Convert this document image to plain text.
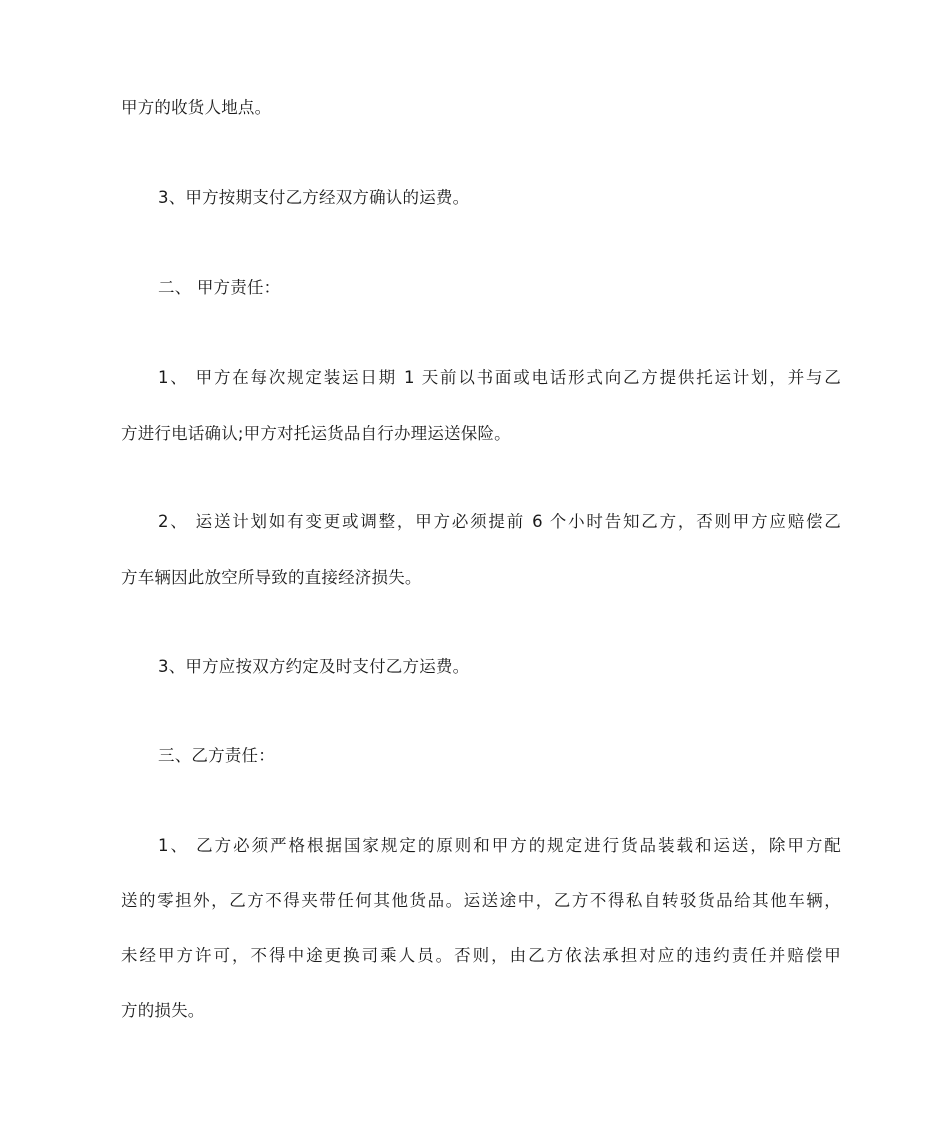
甲方的收货人地点。
3、甲方按期支付乙方经双方确认的运费。
二、 甲方责任：
1、 甲方在每次规定装运日期 1 天前以书面或电话形式向乙方提供托运计划，并与乙
方进行电话确认;甲方对托运货品自行办理运送保险。
2、 运送计划如有变更或调整，甲方必须提前 6 个小时告知乙方，否则甲方应赔偿乙
方车辆因此放空所导致的直接经济损失。
3、甲方应按双方约定及时支付乙方运费。
三、乙方责任：
1、 乙方必须严格根据国家规定的原则和甲方的规定进行货品装载和运送，除甲方配
送的零担外，乙方不得夹带任何其他货品。运送途中，乙方不得私自转驳货品给其他车辆，
未经甲方许可，不得中途更换司乘人员。否则，由乙方依法承担对应的违约责任并赔偿甲
方的损失。
